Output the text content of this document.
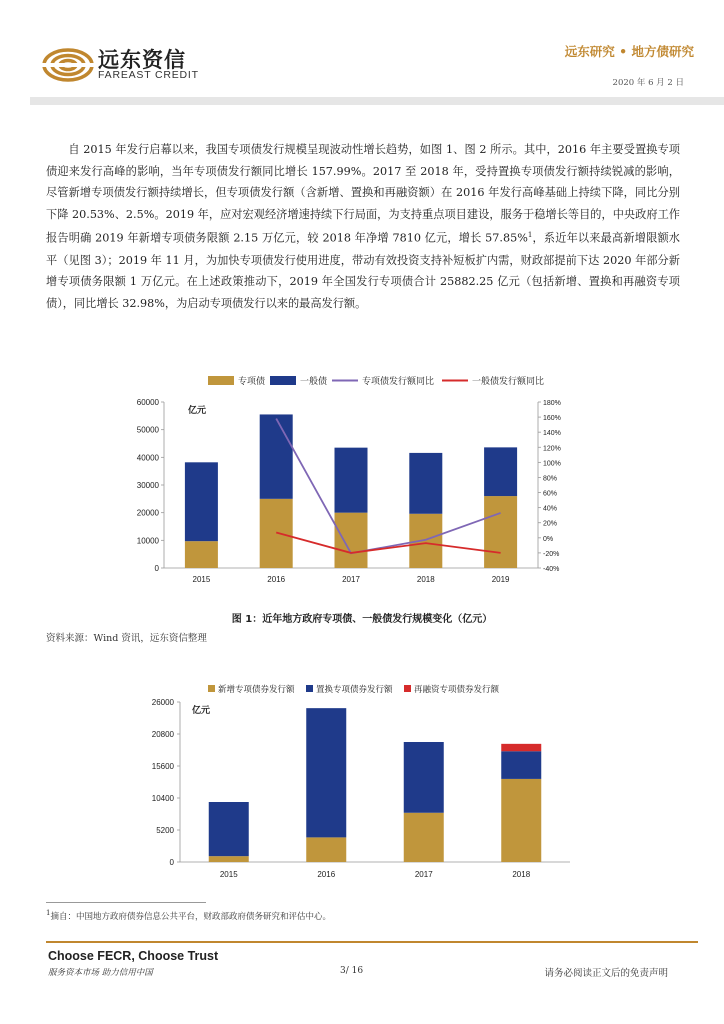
远东资信
FAREAST CREDIT
远东研究 • 地方债研究
2020 年 6 月 2 日

自 2015 年发行启幕以来，我国专项债发行规模呈现波动性增长趋势，如图 1、图 2 所示。其中，2016 年主要受置换专项债迎来发行高峰的影响，当年专项债发行额同比增长 157.99%。2017 至 2018 年，受持置换专项债发行额持续锐减的影响，尽管新增专项债发行额持续增长，但专项债发行额（含新增、置换和再融资额）在 2016 年发行高峰基础上持续下降，同比分别下降 20.53%、2.5%。2019 年，应对宏观经济增速持续下行局面，为支持重点项目建设，服务于稳增长等目的，中央政府工作报告明确 2019 年新增专项债务限额 2.15 万亿元，较 2018 年净增 7810 亿元，增长 57.85%$^1$，系近年以来最高新增限额水平（见图 3）；2019 年 11 月，为加快专项债发行使用进度，带动有效投资支持补短板扩内需，财政部提前下达 2020 年部分新增专项债务限额 1 万亿元。在上述政策推动下，2019 年全国发行专项债合计 25882.25 亿元（包括新增、置换和再融资专项债），同比增长 32.98%，为启动专项债发行以来的最高发行额。

专项债	一般债	专项债发行额同比	一般债发行额同比
0
10000
20000
30000
40000
50000
60000
-40%
-20%
0%
20%
40%
60%
80%
100%
120%
140%
160%
180%
亿元
2015	2016	2017	2018	2019
图 1：近年地方政府专项债、一般债发行规模变化（亿元）
资料来源：Wind 资讯，远东资信整理
新增专项债券发行额	置换专项债券发行额	再融资专项债券发行额
0
5200
10400
15600
20800
26000
亿元
2015	2016	2017	2018
$^1$摘自：中国地方政府债券信息公共平台，财政部政府债务研究和评估中心。
Choose FECR, Choose Trust
服务资本市场 助力信用中国	3/ 16	请务必阅读正文后的免责声明
